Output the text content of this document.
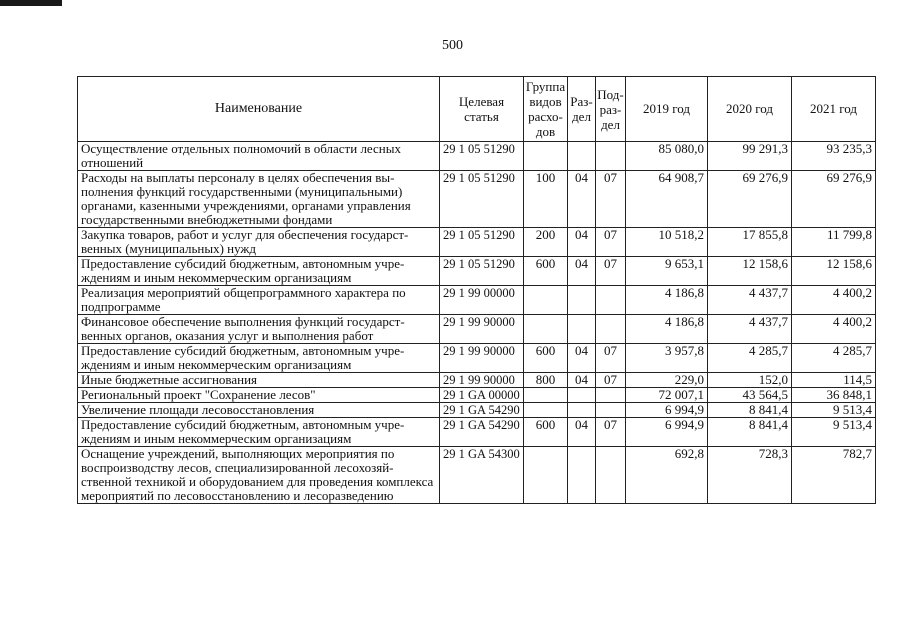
500
Наименование	Целевая статья	Группа видов расхо-дов	Раз-дел	Под-раз-дел	2019 год	2020 год	2021 год
Осуществление отдельных полномочий в области лесных отношений	29 1 05 51290				85 080,0	99 291,3	93 235,3
Расходы на выплаты персоналу в целях обеспечения выполнения функций государственными (муниципальными) органами, казенными учреждениями, органами управления государственными внебюджетными фондами	29 1 05 51290	100	04	07	64 908,7	69 276,9	69 276,9
Закупка товаров, работ и услуг для обеспечения государственных (муниципальных) нужд	29 1 05 51290	200	04	07	10 518,2	17 855,8	11 799,8
Предоставление субсидий бюджетным, автономным учреждениям и иным некоммерческим организациям	29 1 05 51290	600	04	07	9 653,1	12 158,6	12 158,6
Реализация мероприятий общепрограммного характера по подпрограмме	29 1 99 00000				4 186,8	4 437,7	4 400,2
Финансовое обеспечение выполнения функций государственных органов, оказания услуг и выполнения работ	29 1 99 90000				4 186,8	4 437,7	4 400,2
Предоставление субсидий бюджетным, автономным учреждениям и иным некоммерческим организациям	29 1 99 90000	600	04	07	3 957,8	4 285,7	4 285,7
Иные бюджетные ассигнования	29 1 99 90000	800	04	07	229,0	152,0	114,5
Региональный проект "Сохранение лесов"	29 1 GA 00000				72 007,1	43 564,5	36 848,1
Увеличение площади лесовосстановления	29 1 GA 54290				6 994,9	8 841,4	9 513,4
Предоставление субсидий бюджетным, автономным учреждениям и иным некоммерческим организациям	29 1 GA 54290	600	04	07	6 994,9	8 841,4	9 513,4
Оснащение учреждений, выполняющих мероприятия по воспроизводству лесов, специализированной лесохозяйственной техникой и оборудованием для проведения комплекса мероприятий по лесовосстановлению и лесоразведению	29 1 GA 54300				692,8	728,3	782,7
